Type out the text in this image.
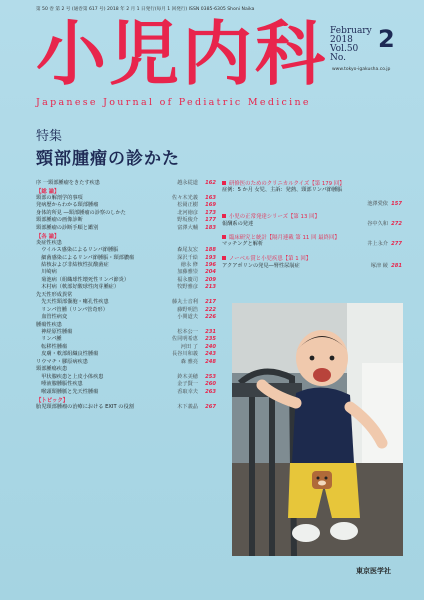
第 50 巻 第 2 号 (通巻第 617 号) 2018 年 2 月 1 日発行(毎月 1 回発行) ISSN 0385-6305 Shoni Naika
小児内科 February
2018
Vol.50
No.
2
www.tokyo-igakusha.co.jp
Japanese Journal of Pediatric Medicine
特集
頸部腫瘤の診かた
序 一頸部腫瘤をきたす疾患	越永従道 162
【総 論】
頸部の解剖学的事項	佐々木光義 163
発病歴からわかる頸部腫瘤	松岡正樹 169
身体的所見 ―頸部腫瘤の診察のしかた	北河徳彦 173
頸部腫瘤の画像診断	野坂俊介 177
頸部腫瘤の診断手順と鑑別	富澤大輔 183
【各 論】
炎症性疾患
　ウイルス感染によるリンパ節腫脹	森尾友宏 188
　細菌感染によるリンパ節腫脹・頸部膿瘍	深沢千絵 193
　結核および非結核性抗酸菌症	徳永 修 196
　川崎病	加藤雅崇 204
　菊池病（組織球性壊死性リンパ節炎）	福永慶司 209
　木村病（軟部好酸球性肉芽腫症）	牧野雅彦 213
先天性形成異常
　先天性頸部嚢胞・瘻孔性疾患	藤丸士音利 217
　リンパ管腫（リンパ管奇形）	藤野明浩 222
　血管性病変	小関道夫 226
腫瘍性疾患
　神経原性腫瘍	松本公一 231
　リンパ腫	佐同明希恵 235
　転移性腫瘍	河田 了 240
　皮膚・軟部組織良性腫瘍	長谷川和義 243
リウマチ・膠原病疾患	森 雅亮 248
頸部腫瘍疾患
　甲状腺疾患と上皮小体疾患	鈴木美穂 253
　唾液腺腫脹性疾患	金子賢一 260
　喉頭頸腫脈と先天性腫瘍	香取幸夫 263
【トピック】
胎児頸部腫瘤の治療における EXIT の役割	木下義晶 267
研修医のためのクリニカルクイズ【第 179 回】
症例：5 か月 女児、主訴：発熱、頸部リンパ節腫脹
池澤愛依 157
小児の正常発達シリーズ【第 13 回】
報酬系の発達	谷中久和 272
臨床研究と統計【隔月連載 第 11 回 最終回】
マッチングと解析	井上永介 277
ノーベル賞と小児疾患【第 1 回】
アクアポリンの発見―腎性尿崩症	塚津 綾 281
東京医学社
